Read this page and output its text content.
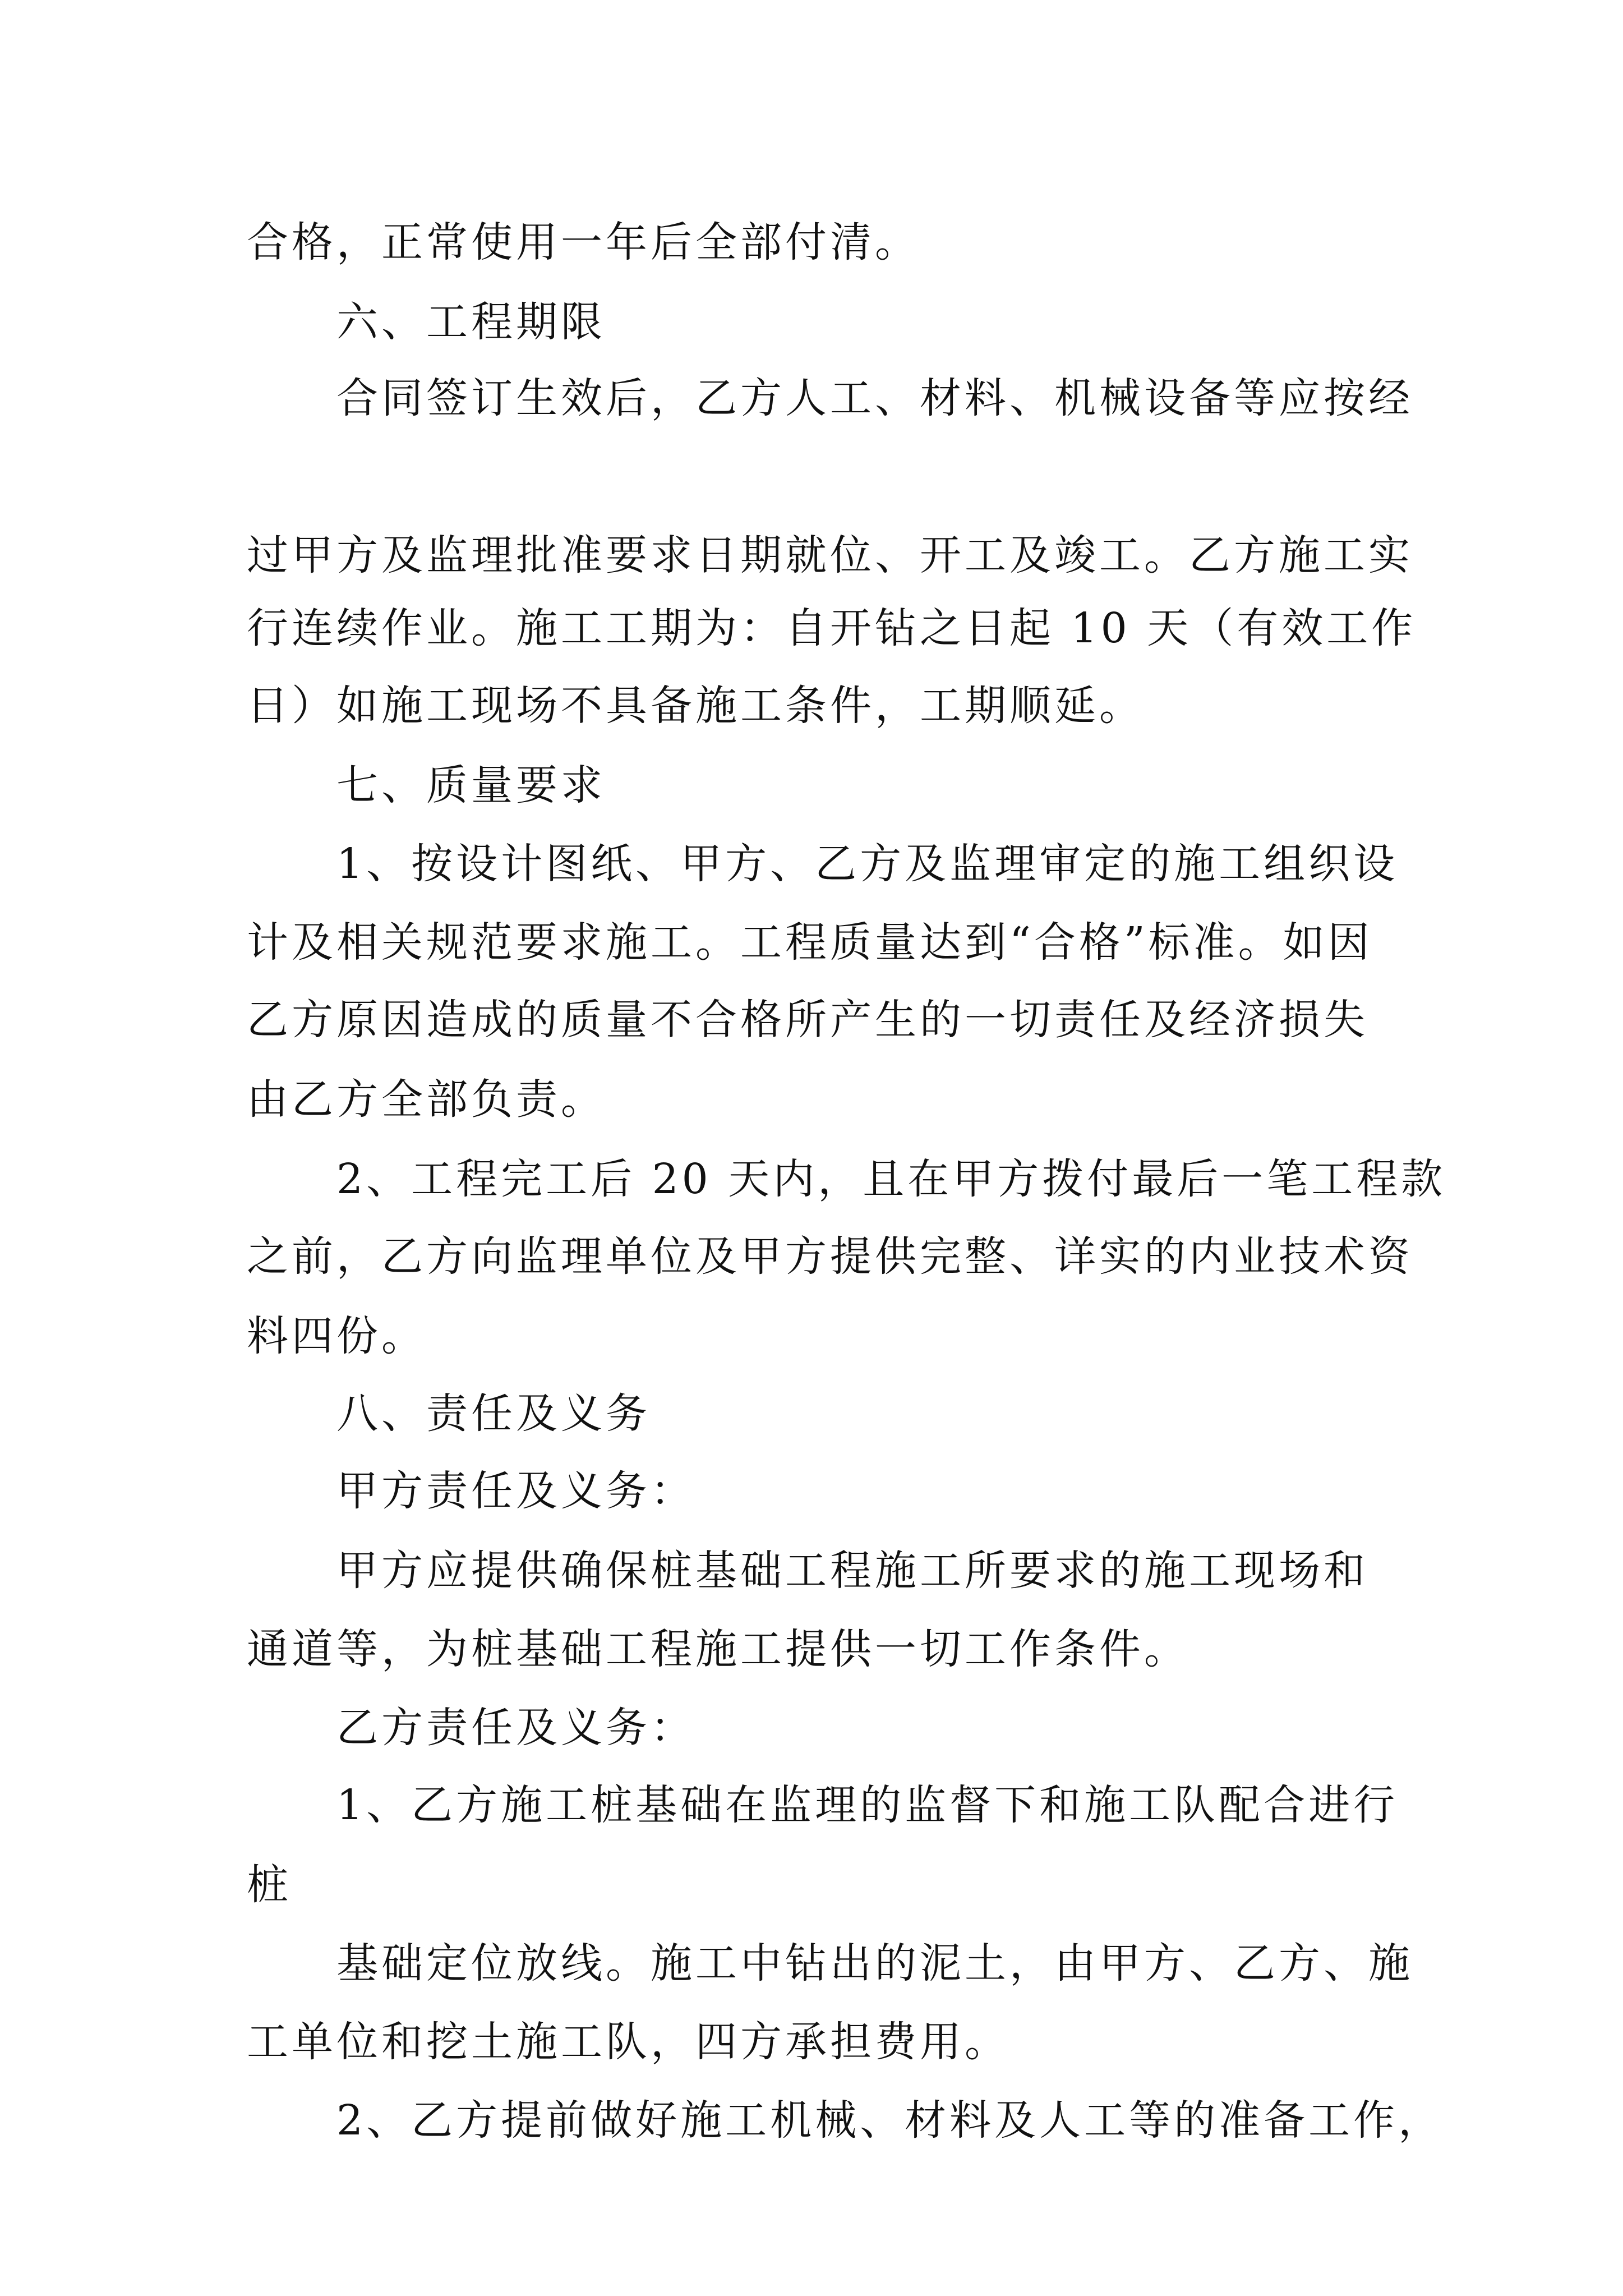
合格，正常使用一年后全部付清。
六、工程期限
合同签订生效后，乙方人工、材料、机械设备等应按经
过甲方及监理批准要求日期就位、开工及竣工。乙方施工实
行连续作业。施工工期为：自开钻之日起 10 天（有效工作
日）如施工现场不具备施工条件，工期顺延。
七、质量要求
1、按设计图纸、甲方、乙方及监理审定的施工组织设
计及相关规范要求施工。工程质量达到“合格”标准。如因
乙方原因造成的质量不合格所产生的一切责任及经济损失
由乙方全部负责。
2、工程完工后 20 天内，且在甲方拨付最后一笔工程款
之前，乙方向监理单位及甲方提供完整、详实的内业技术资
料四份。
八、责任及义务
甲方责任及义务：
甲方应提供确保桩基础工程施工所要求的施工现场和
通道等，为桩基础工程施工提供一切工作条件。
乙方责任及义务：
1、乙方施工桩基础在监理的监督下和施工队配合进行
桩
基础定位放线。施工中钻出的泥土，由甲方、乙方、施
工单位和挖土施工队，四方承担费用。
2、乙方提前做好施工机械、材料及人工等的准备工作，
